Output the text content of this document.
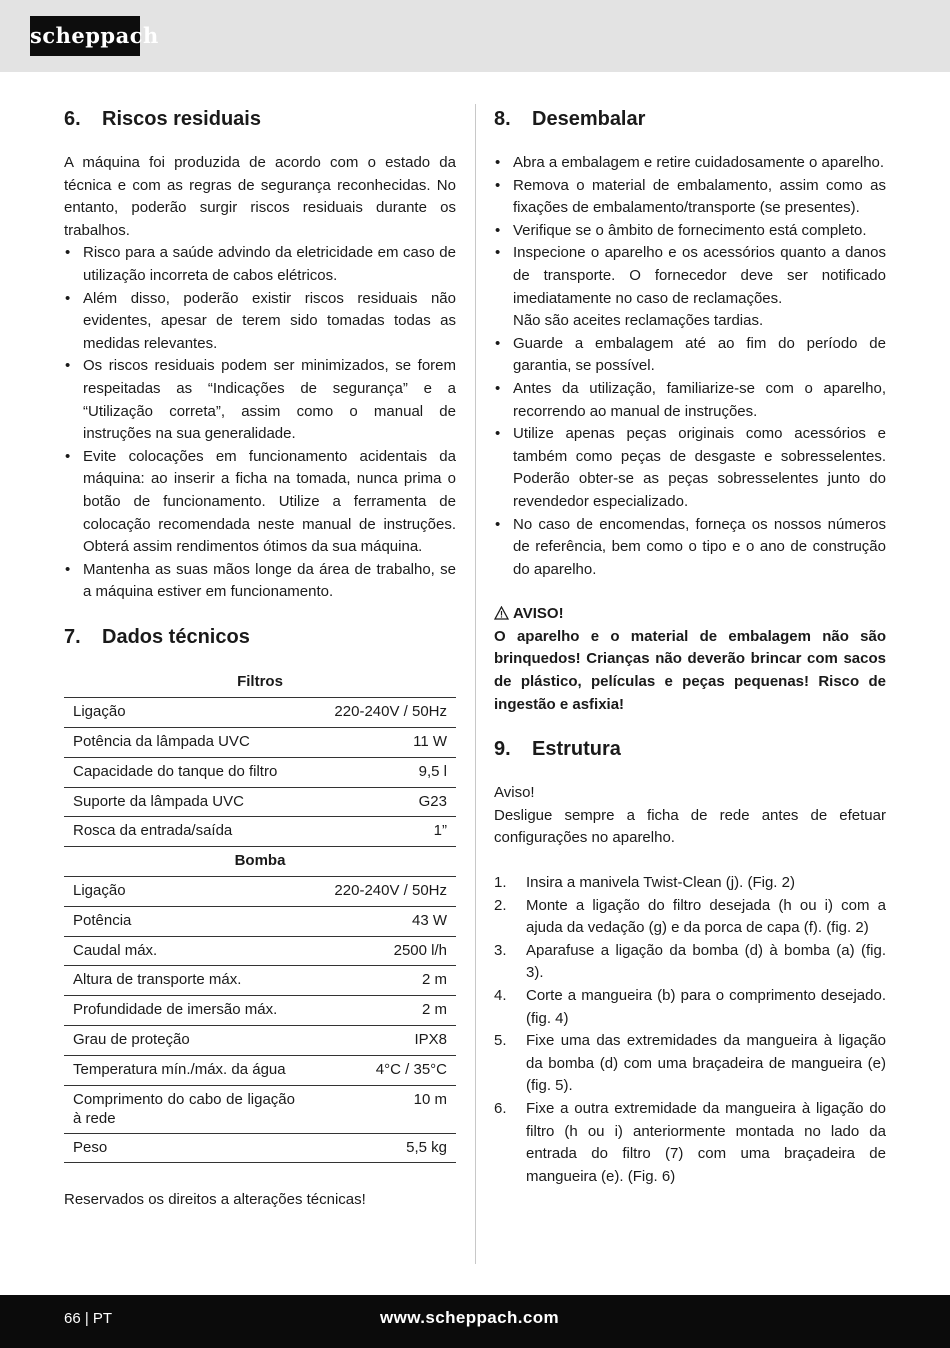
scheppach
6.	Riscos residuais

A máquina foi produzida de acordo com o estado da técnica e com as regras de segurança reconhecidas. No entanto, poderão surgir riscos residuais durante os trabalhos.

• Risco para a saúde advindo da eletricidade em caso de utilização incorreta de cabos elétricos.
• Além disso, poderão existir riscos residuais não evidentes, apesar de terem sido tomadas todas as medidas relevantes.
• Os riscos residuais podem ser minimizados, se forem respeitadas as “Indicações de segurança” e a “Utilização correta”, assim como o manual de instruções na sua generalidade.
• Evite colocações em funcionamento acidentais da máquina: ao inserir a ficha na tomada, nunca prima o botão de funcionamento. Utilize a ferramenta de colocação recomendada neste manual de instruções. Obterá assim rendimentos ótimos da sua máquina.
• Mantenha as suas mãos longe da área de trabalho, se a máquina estiver em funcionamento.
7.	Dados técnicos
Filtros	
Ligação	220-240V / 50Hz
Potência da lâmpada UVC	11 W
Capacidade do tanque do filtro	9,5 l
Suporte da lâmpada UVC	G23
Rosca da entrada/saída	1”
Bomba	
Ligação	220-240V / 50Hz
Potência	43 W
Caudal máx.	2500 l/h
Altura de transporte máx.	2 m
Profundidade de imersão máx.	2 m
Grau de proteção	IPX8
Temperatura mín./máx. da água	4°C / 35°C
Comprimento do cabo de ligação à rede	10 m
Peso	5,5 kg

Reservados os direitos a alterações técnicas!

8.	Desembalar
• Abra a embalagem e retire cuidadosamente o aparelho.
• Remova o material de embalamento, assim como as fixações de embalamento/transporte (se presentes).
• Verifique se o âmbito de fornecimento está completo.
• Inspecione o aparelho e os acessórios quanto a danos de transporte. O fornecedor deve ser notificado imediatamente no caso de reclamações.
Não são aceites reclamações tardias.
• Guarde a embalagem até ao fim do período de garantia, se possível.
• Antes da utilização, familiarize-se com o aparelho, recorrendo ao manual de instruções.
• Utilize apenas peças originais como acessórios e também como peças de desgaste e sobresselentes. Poderão obter-se as peças sobresselentes junto do revendedor especializado.
• No caso de encomendas, forneça os nossos números de referência, bem como o tipo e o ano de construção do aparelho.
AVISO!

O aparelho e o material de embalagem não são brinquedos! Crianças não deverão brincar com sacos de plástico, películas e peças pequenas! Risco de ingestão e asfixia!

9.	Estrutura

Aviso!

Desligue sempre a ficha de rede antes de efetuar configurações no aparelho.

1.	Insira a manivela Twist-Clean (j). (Fig. 2)
2.	Monte a ligação do filtro desejada (h ou i) com a ajuda da vedação (g) e da porca de capa (f). (fig. 2)
3.	Aparafuse a ligação da bomba (d) à bomba (a) (fig. 3).
4.	Corte a mangueira (b) para o comprimento desejado. (fig. 4)
5.	Fixe uma das extremidades da mangueira à ligação da bomba (d) com uma braçadeira de mangueira (e) (fig. 5).
6.	Fixe a outra extremidade da mangueira à ligação do filtro (h ou i) anteriormente montada no lado da entrada do filtro (7) com uma braçadeira de mangueira (e). (Fig. 6)
66 | PT	www.scheppach.com
